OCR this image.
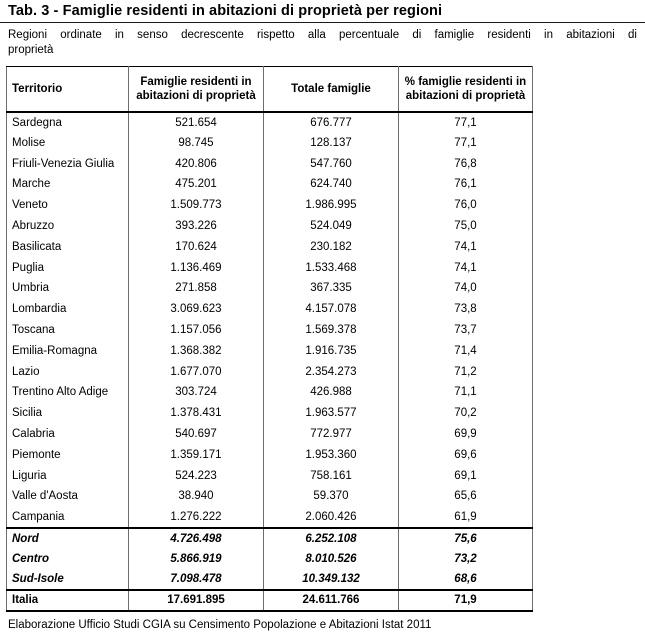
Tab. 3 - Famiglie residenti in abitazioni di proprietà per regioni
Regioni ordinate in senso decrescente rispetto alla percentuale di famiglie residenti in abitazioni di
proprietà
Territorio	Famiglie residenti in abitazioni di proprietà	Totale famiglie	% famiglie residenti in abitazioni di proprietà
Sardegna	521.654	676.777	77,1
Molise	98.745	128.137	77,1
Friuli-Venezia Giulia	420.806	547.760	76,8
Marche	475.201	624.740	76,1
Veneto	1.509.773	1.986.995	76,0
Abruzzo	393.226	524.049	75,0
Basilicata	170.624	230.182	74,1
Puglia	1.136.469	1.533.468	74,1
Umbria	271.858	367.335	74,0
Lombardia	3.069.623	4.157.078	73,8
Toscana	1.157.056	1.569.378	73,7
Emilia-Romagna	1.368.382	1.916.735	71,4
Lazio	1.677.070	2.354.273	71,2
Trentino Alto Adige	303.724	426.988	71,1
Sicilia	1.378.431	1.963.577	70,2
Calabria	540.697	772.977	69,9
Piemonte	1.359.171	1.953.360	69,6
Liguria	524.223	758.161	69,1
Valle d'Aosta	38.940	59.370	65,6
Campania	1.276.222	2.060.426	61,9
Nord	4.726.498	6.252.108	75,6
Centro	5.866.919	8.010.526	73,2
Sud-Isole	7.098.478	10.349.132	68,6
Italia	17.691.895	24.611.766	71,9
Elaborazione Ufficio Studi CGIA su Censimento Popolazione e Abitazioni Istat 2011
